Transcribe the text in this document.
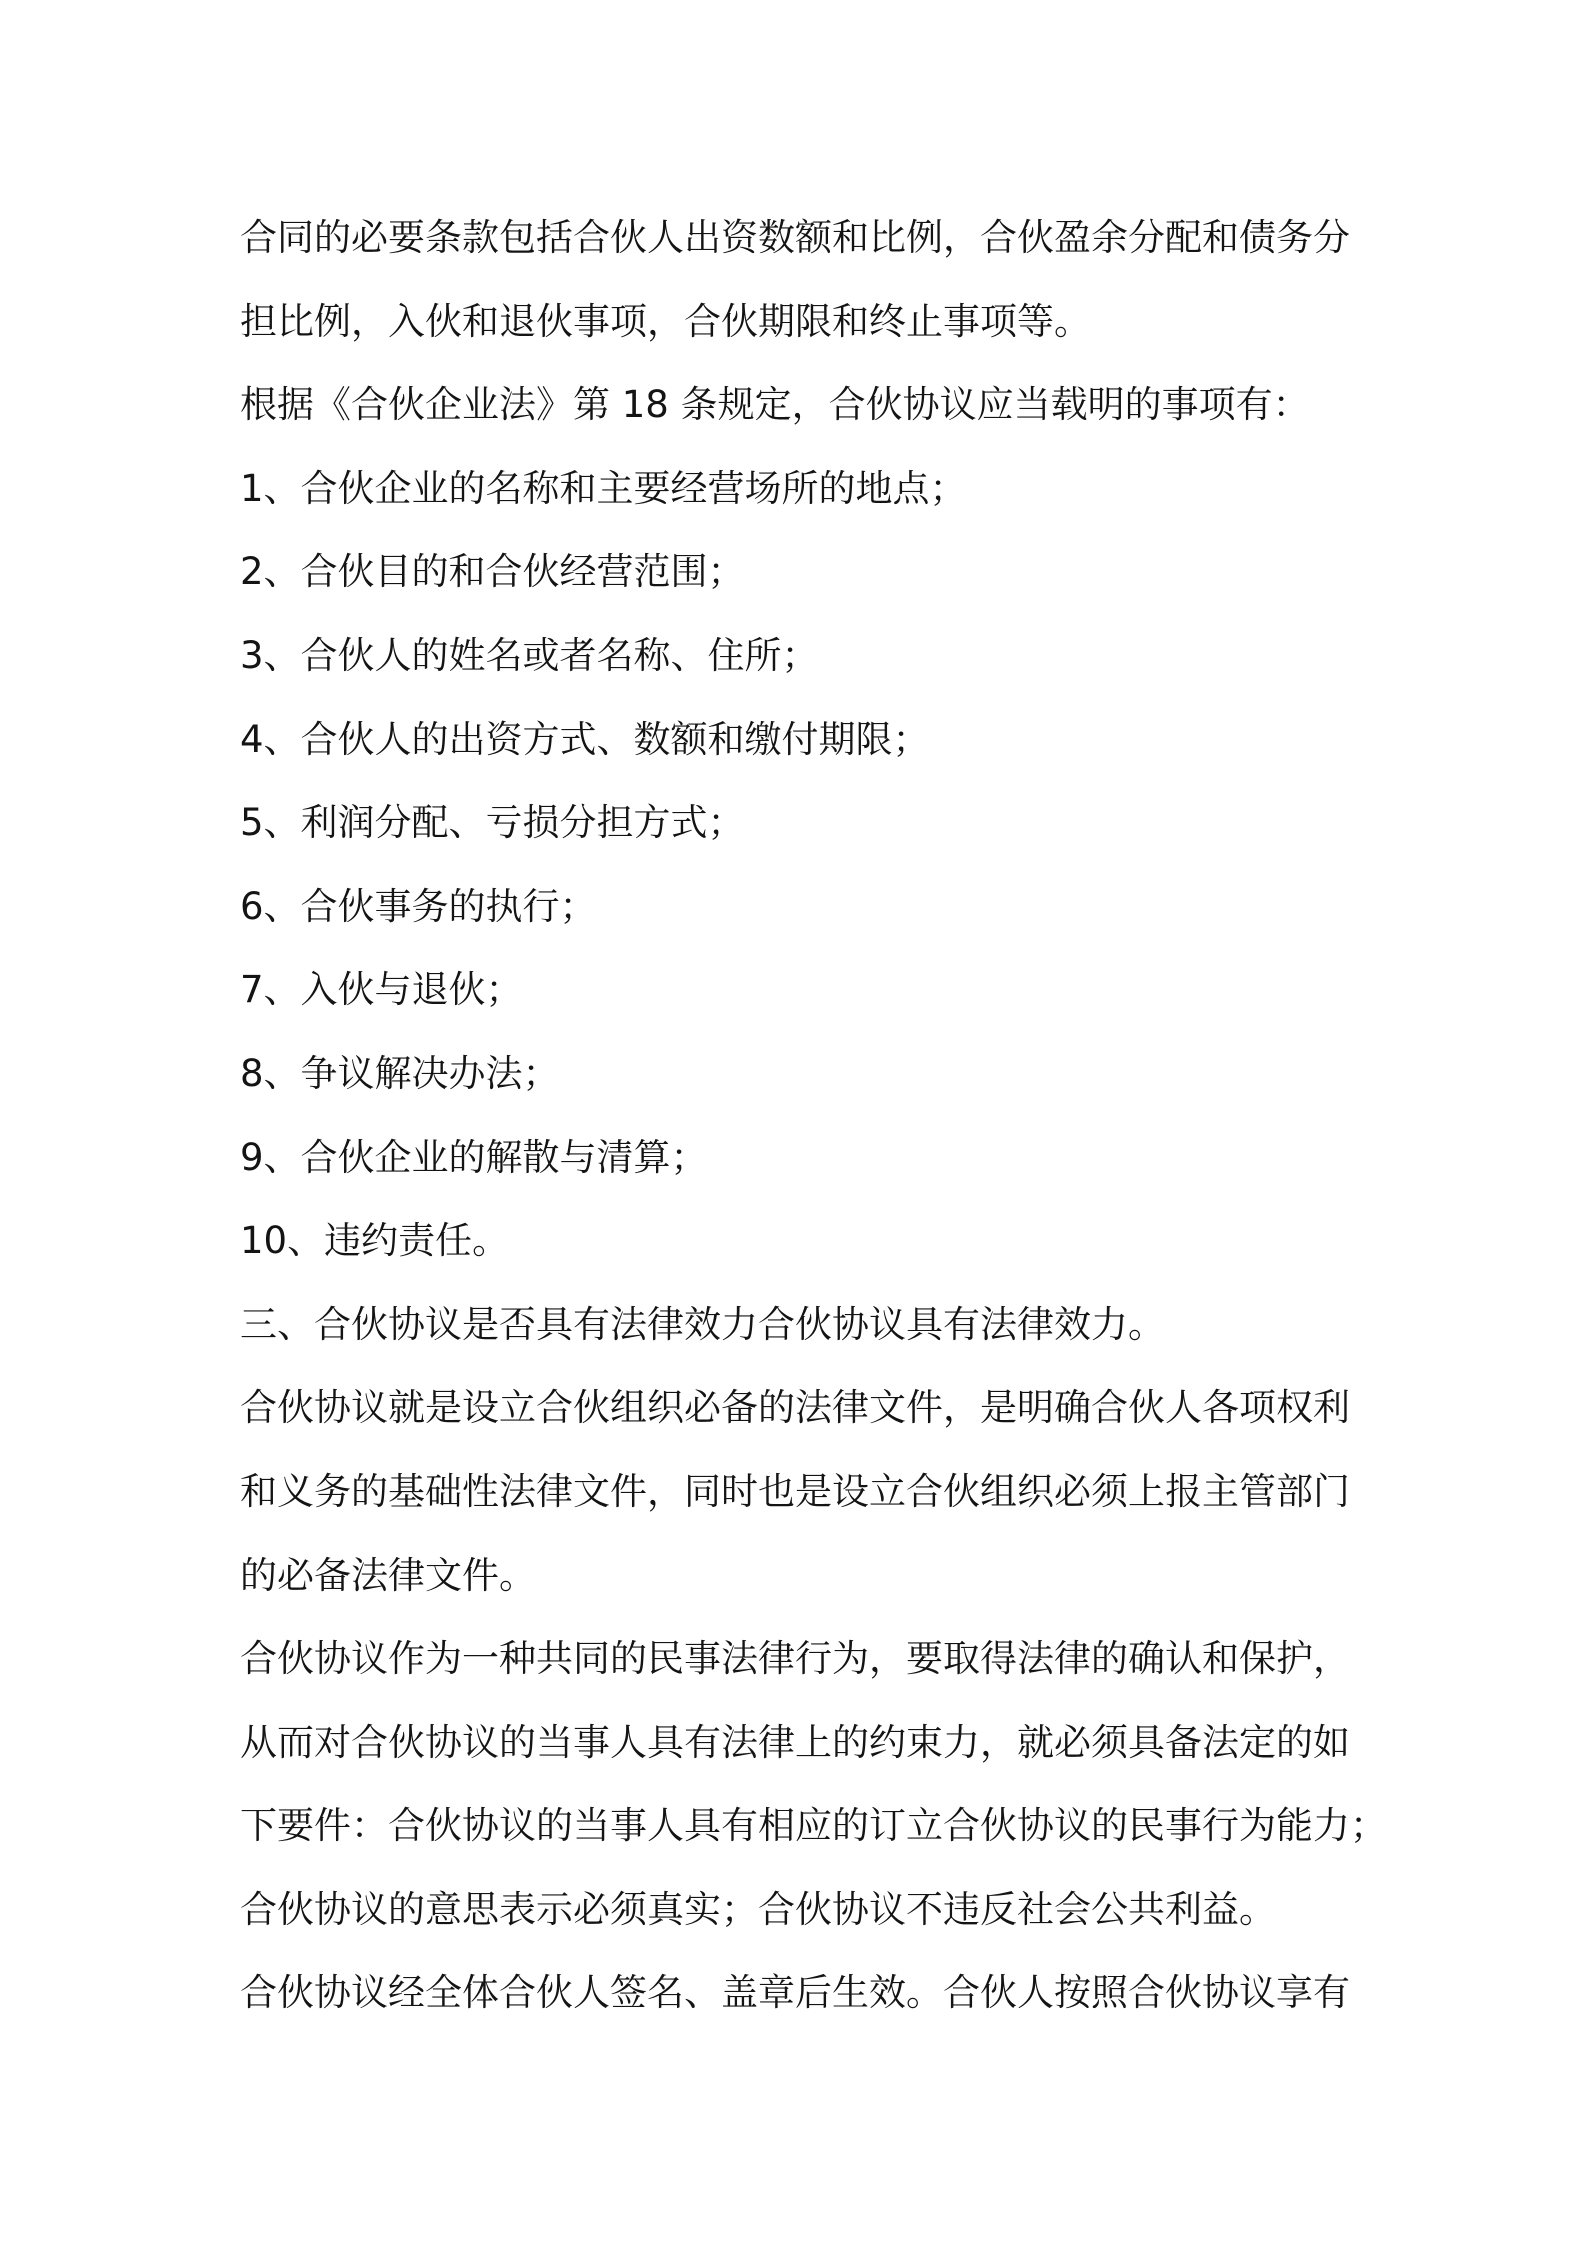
合同的必要条款包括合伙人出资数额和比例，合伙盈余分配和债务分
担比例，入伙和退伙事项，合伙期限和终止事项等。
根据《合伙企业法》第 18 条规定，合伙协议应当载明的事项有：
1、合伙企业的名称和主要经营场所的地点；
2、合伙目的和合伙经营范围；
3、合伙人的姓名或者名称、住所；
4、合伙人的出资方式、数额和缴付期限；
5、利润分配、亏损分担方式；
6、合伙事务的执行；
7、入伙与退伙；
8、争议解决办法；
9、合伙企业的解散与清算；
10、违约责任。
三、合伙协议是否具有法律效力合伙协议具有法律效力。
合伙协议就是设立合伙组织必备的法律文件，是明确合伙人各项权利
和义务的基础性法律文件，同时也是设立合伙组织必须上报主管部门
的必备法律文件。
合伙协议作为一种共同的民事法律行为，要取得法律的确认和保护，
从而对合伙协议的当事人具有法律上的约束力，就必须具备法定的如
下要件：合伙协议的当事人具有相应的订立合伙协议的民事行为能力；
合伙协议的意思表示必须真实；合伙协议不违反社会公共利益。
合伙协议经全体合伙人签名、盖章后生效。合伙人按照合伙协议享有
